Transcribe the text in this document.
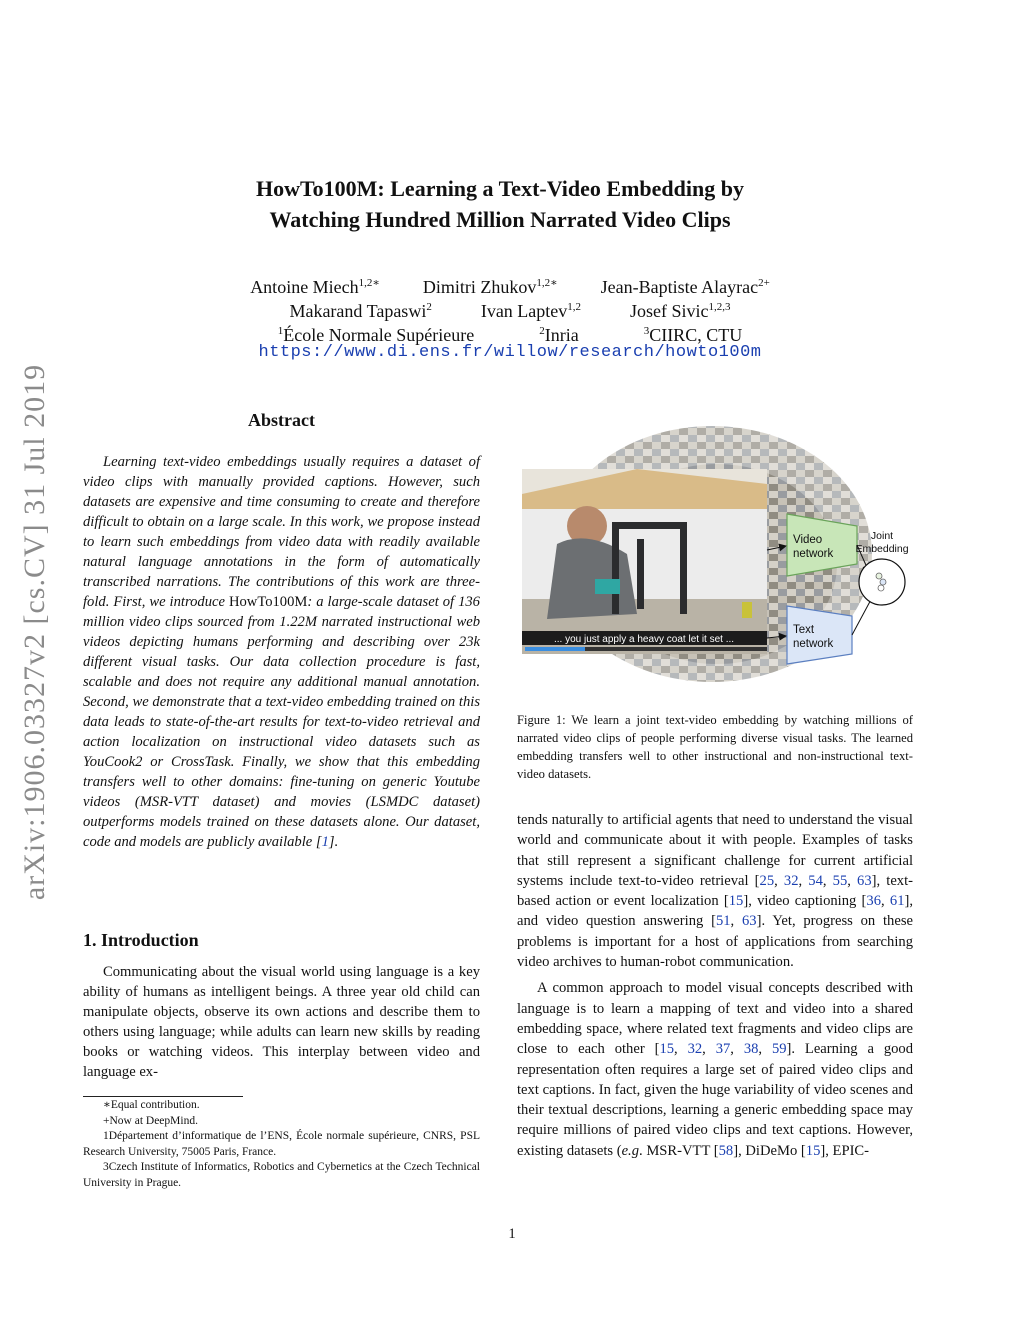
arXiv:1906.03327v2 [cs.CV] 31 Jul 2019
HowTo100M: Learning a Text-Video Embedding by
Watching Hundred Million Narrated Video Clips
Antoine Miech$^{1,2∗}$ Dimitri Zhukov$^{1,2∗}$ Jean-Baptiste Alayrac$^{2+}$
Makarand Tapaswi$^2$	Ivan Laptev$^{1,2}$	Josef Sivic$^{1,2,3}$
$^1$École Normale Supérieure	$^2$Inria	$^3$CIIRC, CTU
https://www.di.ens.fr/willow/research/howto100m
Abstract

Learning text-video embeddings usually requires a dataset of video clips with manually provided captions. However, such datasets are expensive and time consuming to create and therefore difficult to obtain on a large scale. In this work, we propose instead to learn such embeddings from video data with readily available natural language annotations in the form of automatically transcribed narrations. The contributions of this work are three-fold. First, we introduce HowTo100M: a large-scale dataset of 136 million video clips sourced from 1.22M narrated instructional web videos depicting humans performing and describing over 23k different visual tasks. Our data collection procedure is fast, scalable and does not require any additional manual annotation. Second, we demonstrate that a text-video embedding trained on this data leads to state-of-the-art results for text-to-video retrieval and action localization on instructional video datasets such as YouCook2 or CrossTask. Finally, we show that this embedding transfers well to other domains: fine-tuning on generic Youtube videos (MSR-VTT dataset) and movies (LSMDC dataset) outperforms models trained on these datasets alone. Our dataset, code and models are publicly available [1].

1. Introduction

Communicating about the visual world using language is a key ability of humans as intelligent beings. A three year old child can manipulate objects, observe its own actions and describe them to others using language; while adults can learn new skills by reading books or watching videos. This interplay between video and language ex-

∗Equal contribution.

+Now at DeepMind.

1Département d’informatique de l’ENS, École normale supérieure, CNRS, PSL Research University, 75005 Paris, France.

3Czech Institute of Informatics, Robotics and Cybernetics at the Czech Technical University in Prague.

... you just apply a heavy coat let it set ...
Video
network
Text
network
Joint
Embedding
Figure 1: We learn a joint text-video embedding by watching millions of narrated video clips of people performing diverse visual tasks. The learned embedding transfers well to other instructional and non-instructional text-video datasets.

tends naturally to artificial agents that need to understand the visual world and communicate about it with people. Examples of tasks that still represent a significant challenge for current artificial systems include text-to-video retrieval [25, 32, 54, 55, 63], text-based action or event localization [15], video captioning [36, 61], and video question answering [51, 63]. Yet, progress on these problems is important for a host of applications from searching video archives to human-robot communication.

A common approach to model visual concepts described with language is to learn a mapping of text and video into a shared embedding space, where related text fragments and video clips are close to each other [15, 32, 37, 38, 59]. Learning a good representation often requires a large set of paired video clips and text captions. In fact, given the huge variability of video scenes and their textual descriptions, learning a generic embedding space may require millions of paired video clips and text captions. However, existing datasets (e.g. MSR-VTT [58], DiDeMo [15], EPIC-

1
